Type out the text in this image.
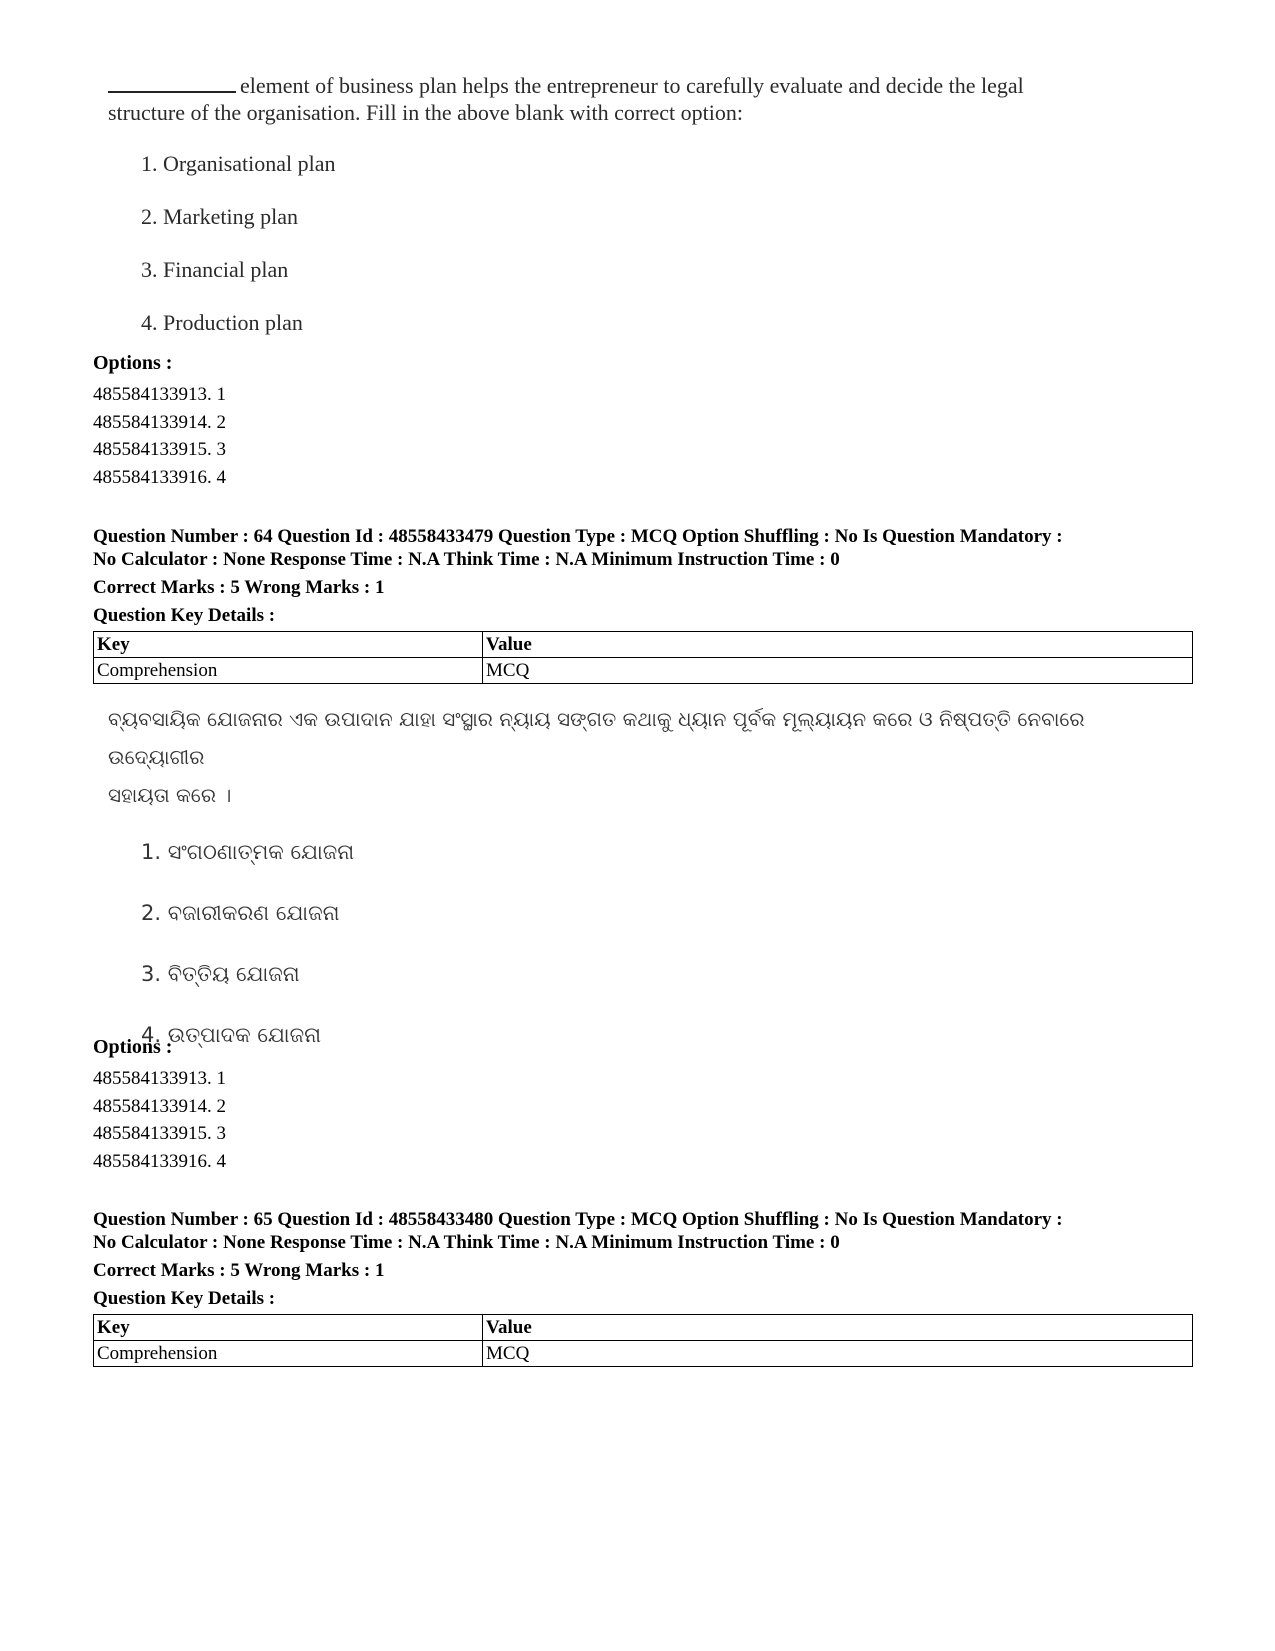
element of business plan helps the entrepreneur to carefully evaluate and decide the legal
structure of the organisation. Fill in the above blank with correct option:

1. Organisational plan
2. Marketing plan
3. Financial plan
4. Production plan

Options :

485584133913. 1
485584133914. 2
485584133915. 3
485584133916. 4

Question Number : 64 Question Id : 48558433479 Question Type : MCQ Option Shuffling : No Is Question Mandatory :

No Calculator : None Response Time : N.A Think Time : N.A Minimum Instruction Time : 0

Correct Marks : 5 Wrong Marks : 1
Question Key Details :
Key	Value
Comprehension	MCQ

ବ୍ୟବସାୟିକ ଯୋଜନାର ଏକ ଉପାଦାନ ଯାହା ସଂସ୍ଥାର ନ୍ୟାୟ ସଙ୍ଗତ କଥାକୁ ଧ୍ୟାନ ପୂର୍ବକ ମୂଲ୍ୟାୟନ କରେ ଓ ନିଷ୍ପତ୍ତି ନେବାରେ ଉଦ୍ୟୋଗୀର
ସହାୟତା କରେ ।

1. ସଂଗଠଣାତ୍ମକ ଯୋଜନା
2. ବଜାରୀକରଣ ଯୋଜନା
3. ବିତ୍ତିୟ ଯୋଜନା
4. ଉତ୍ପାଦକ ଯୋଜନା

Options :

485584133913. 1
485584133914. 2
485584133915. 3
485584133916. 4

Question Number : 65 Question Id : 48558433480 Question Type : MCQ Option Shuffling : No Is Question Mandatory :

No Calculator : None Response Time : N.A Think Time : N.A Minimum Instruction Time : 0

Correct Marks : 5 Wrong Marks : 1
Question Key Details :
Key	Value
Comprehension	MCQ
